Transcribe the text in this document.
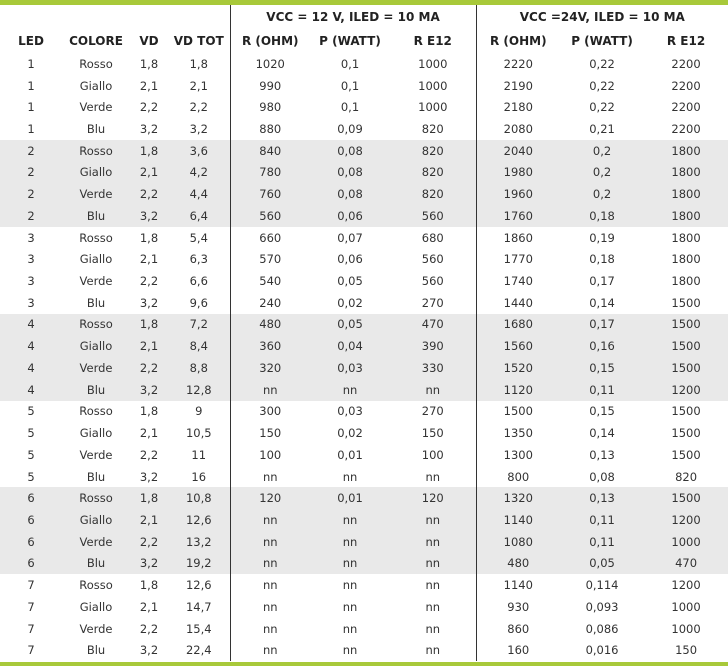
				VCC = 12 V, ILED = 10 MA			VCC =24V, ILED = 10 MA		
LED	COLORE	VD	VD TOT	R (OHM)	P (WATT)	R E12	R (OHM)	P (WATT)	R E12
1	Rosso	1,8	1,8	1020	0,1	1000	2220	0,22	2200
1	Giallo	2,1	2,1	990	0,1	1000	2190	0,22	2200
1	Verde	2,2	2,2	980	0,1	1000	2180	0,22	2200
1	Blu	3,2	3,2	880	0,09	820	2080	0,21	2200
2	Rosso	1,8	3,6	840	0,08	820	2040	0,2	1800
2	Giallo	2,1	4,2	780	0,08	820	1980	0,2	1800
2	Verde	2,2	4,4	760	0,08	820	1960	0,2	1800
2	Blu	3,2	6,4	560	0,06	560	1760	0,18	1800
3	Rosso	1,8	5,4	660	0,07	680	1860	0,19	1800
3	Giallo	2,1	6,3	570	0,06	560	1770	0,18	1800
3	Verde	2,2	6,6	540	0,05	560	1740	0,17	1800
3	Blu	3,2	9,6	240	0,02	270	1440	0,14	1500
4	Rosso	1,8	7,2	480	0,05	470	1680	0,17	1500
4	Giallo	2,1	8,4	360	0,04	390	1560	0,16	1500
4	Verde	2,2	8,8	320	0,03	330	1520	0,15	1500
4	Blu	3,2	12,8	nn	nn	nn	1120	0,11	1200
5	Rosso	1,8	9	300	0,03	270	1500	0,15	1500
5	Giallo	2,1	10,5	150	0,02	150	1350	0,14	1500
5	Verde	2,2	11	100	0,01	100	1300	0,13	1500
5	Blu	3,2	16	nn	nn	nn	800	0,08	820
6	Rosso	1,8	10,8	120	0,01	120	1320	0,13	1500
6	Giallo	2,1	12,6	nn	nn	nn	1140	0,11	1200
6	Verde	2,2	13,2	nn	nn	nn	1080	0,11	1000
6	Blu	3,2	19,2	nn	nn	nn	480	0,05	470
7	Rosso	1,8	12,6	nn	nn	nn	1140	0,114	1200
7	Giallo	2,1	14,7	nn	nn	nn	930	0,093	1000
7	Verde	2,2	15,4	nn	nn	nn	860	0,086	1000
7	Blu	3,2	22,4	nn	nn	nn	160	0,016	150
